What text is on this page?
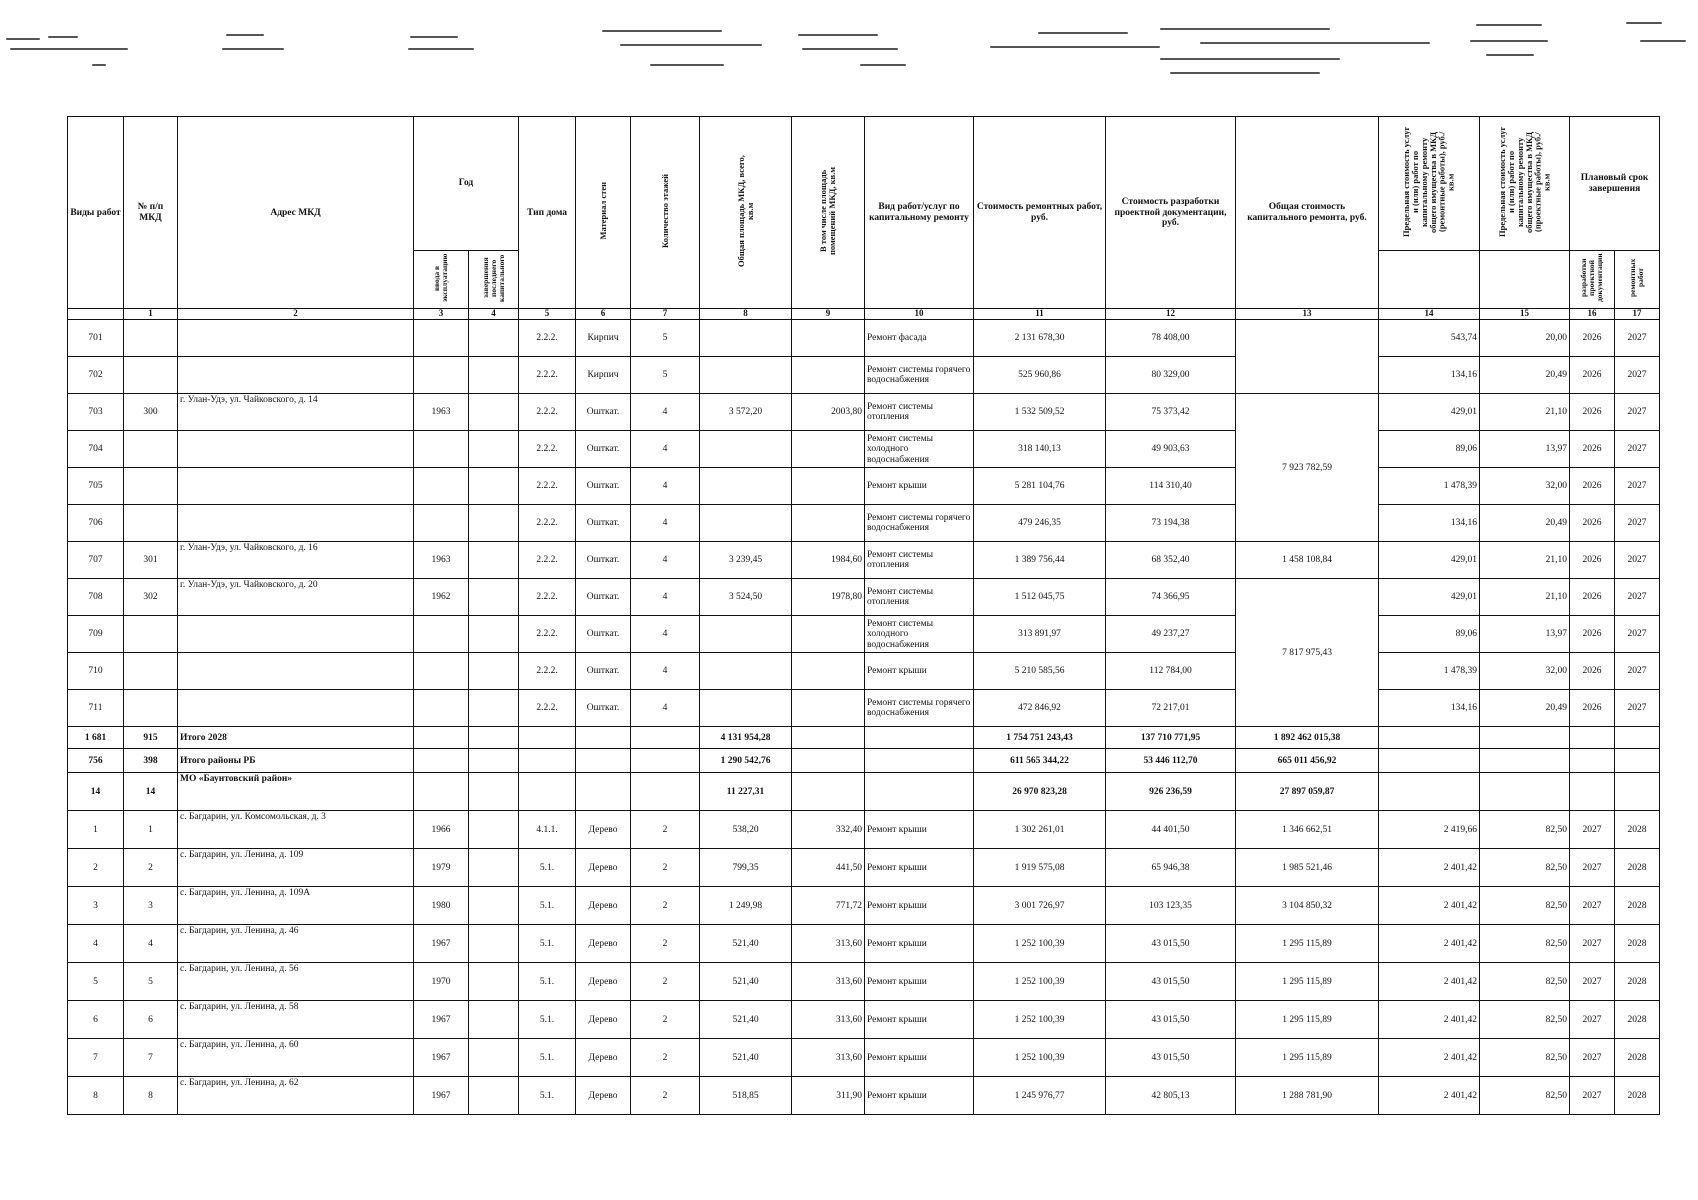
Виды работ	№ п/п МКД	Адрес МКД	Год		Тип дома	Материал стен	Количество этажей	Общая площадь МКД, всего, кв.м	В том числе площадь помещений МКД, кв.м	Вид работ/услуг по капитальному ремонту	Стоимость ремонтных работ, руб.	Стоимость разработки проектной документации, руб.	Общая стоимость капитального ремонта, руб.	Предельная стоимость услуг и (или) работ по капитальному ремонту общего имущества в МКД (ремонтные работы), руб./кв.м	Предельная стоимость услуг и (или) работ по капитальному ремонту общего имущества в МКД (проектные работы), руб./кв.м	Плановый срок завершения	
			ввода в эксплуатацию	завершения последнего капитального												разработки проектной документации	ремонтных работ
	1	2	3	4	5	6	7	8	9	10	11	12	13	14	15	16	17
701					2.2.2.	Кирпич	5			Ремонт фасада	2 131 678,30	78 408,00		543,74	20,00	2026	2027
702					2.2.2.	Кирпич	5			Ремонт системы горячего водоснабжения	525 960,86	80 329,00		134,16	20,49	2026	2027
703	300	г. Улан-Удэ, ул. Чайковского, д. 14	1963		2.2.2.	Ошткат.	4	3 572,20	2003,80	Ремонт системы отопления	1 532 509,52	75 373,42	7 923 782,59	429,01	21,10	2026	2027
704					2.2.2.	Ошткат.	4			Ремонт системы холодного водоснабжения	318 140,13	49 903,63		89,06	13,97	2026	2027
705					2.2.2.	Ошткат.	4			Ремонт крыши	5 281 104,76	114 310,40		1 478,39	32,00	2026	2027
706					2.2.2.	Ошткат.	4			Ремонт системы горячего водоснабжения	479 246,35	73 194,38		134,16	20,49	2026	2027
707	301	г. Улан-Удэ, ул. Чайковского, д. 16	1963		2.2.2.	Ошткат.	4	3 239,45	1984,60	Ремонт системы отопления	1 389 756,44	68 352,40	1 458 108,84	429,01	21,10	2026	2027
708	302	г. Улан-Удэ, ул. Чайковского, д. 20	1962		2.2.2.	Ошткат.	4	3 524,50	1978,80	Ремонт системы отопления	1 512 045,75	74 366,95	7 817 975,43	429,01	21,10	2026	2027
709					2.2.2.	Ошткат.	4			Ремонт системы холодного водоснабжения	313 891,97	49 237,27		89,06	13,97	2026	2027
710					2.2.2.	Ошткат.	4			Ремонт крыши	5 210 585,56	112 784,00		1 478,39	32,00	2026	2027
711					2.2.2.	Ошткат.	4			Ремонт системы горячего водоснабжения	472 846,92	72 217,01		134,16	20,49	2026	2027
1 681	915	Итого 2028						4 131 954,28			1 754 751 243,43	137 710 771,95	1 892 462 015,38				
756	398	Итого районы РБ						1 290 542,76			611 565 344,22	53 446 112,70	665 011 456,92				
14	14	МО «Баунтовский район»						11 227,31			26 970 823,28	926 236,59	27 897 059,87				
1	1	с. Багдарин, ул. Комсомольская, д. 3	1966		4.1.1.	Дерево	2	538,20	332,40	Ремонт крыши	1 302 261,01	44 401,50	1 346 662,51	2 419,66	82,50	2027	2028
2	2	с. Багдарин, ул. Ленина, д. 109	1979		5.1.	Дерево	2	799,35	441,50	Ремонт крыши	1 919 575,08	65 946,38	1 985 521,46	2 401,42	82,50	2027	2028
3	3	с. Багдарин, ул. Ленина, д. 109А	1980		5.1.	Дерево	2	1 249,98	771,72	Ремонт крыши	3 001 726,97	103 123,35	3 104 850,32	2 401,42	82,50	2027	2028
4	4	с. Багдарин, ул. Ленина, д. 46	1967		5.1.	Дерево	2	521,40	313,60	Ремонт крыши	1 252 100,39	43 015,50	1 295 115,89	2 401,42	82,50	2027	2028
5	5	с. Багдарин, ул. Ленина, д. 56	1970		5.1.	Дерево	2	521,40	313,60	Ремонт крыши	1 252 100,39	43 015,50	1 295 115,89	2 401,42	82,50	2027	2028
6	6	с. Багдарин, ул. Ленина, д. 58	1967		5.1.	Дерево	2	521,40	313,60	Ремонт крыши	1 252 100,39	43 015,50	1 295 115,89	2 401,42	82,50	2027	2028
7	7	с. Багдарин, ул. Ленина, д. 60	1967		5.1.	Дерево	2	521,40	313,60	Ремонт крыши	1 252 100,39	43 015,50	1 295 115,89	2 401,42	82,50	2027	2028
8	8	с. Багдарин, ул. Ленина, д. 62	1967		5.1.	Дерево	2	518,85	311,90	Ремонт крыши	1 245 976,77	42 805,13	1 288 781,90	2 401,42	82,50	2027	2028
